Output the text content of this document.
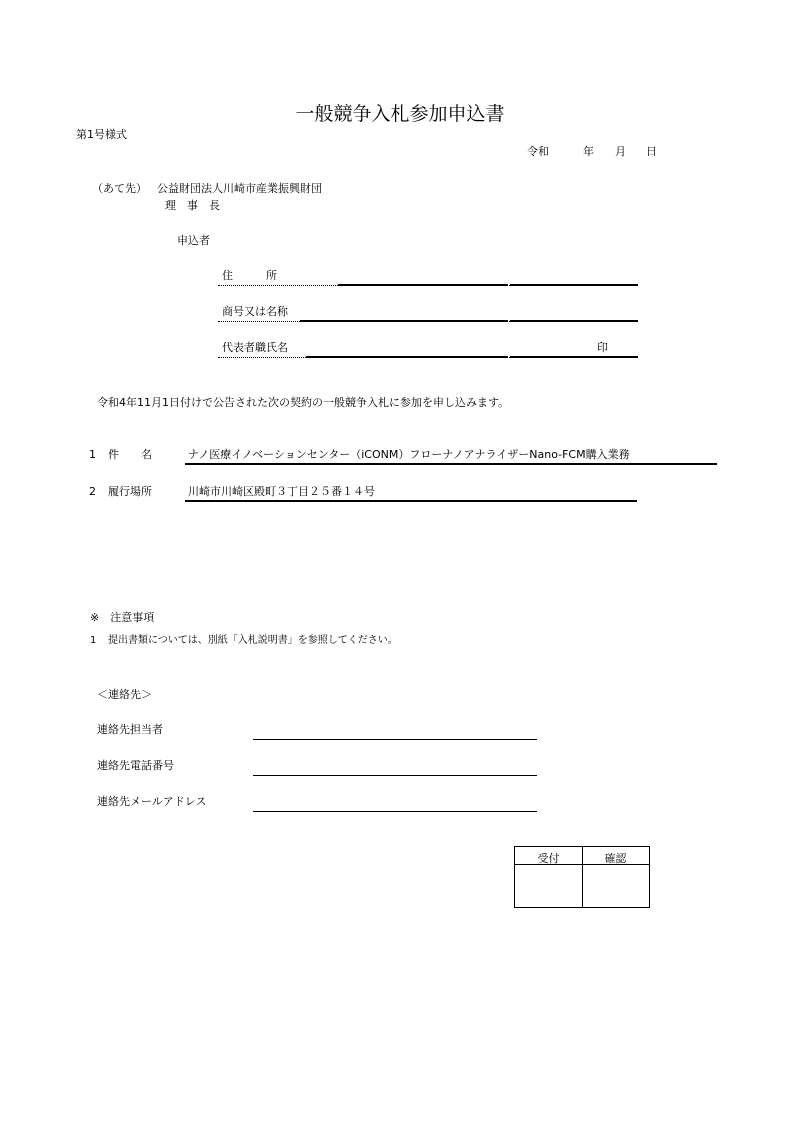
一般競争入札参加申込書
第1号様式
令和	年 月 日
（あて先） 公益財団法人川崎市産業振興財団
理　事　長
申込者
住　　　所
商号又は名称
代表者職氏名	印
令和4年11月1日付けで公告された次の契約の一般競争入札に参加を申し込みます。
1 件　　名	ナノ医療イノベーションセンター（iCONM）フローナノアナライザーNano-FCM購入業務
2 履行場所	川崎市川崎区殿町３丁目２５番１４号
※　注意事項
1 提出書類については、別紙「入札説明書」を参照してください。
＜連絡先＞
連絡先担当者
連絡先電話番号
連絡先メールアドレス
受付	確認
